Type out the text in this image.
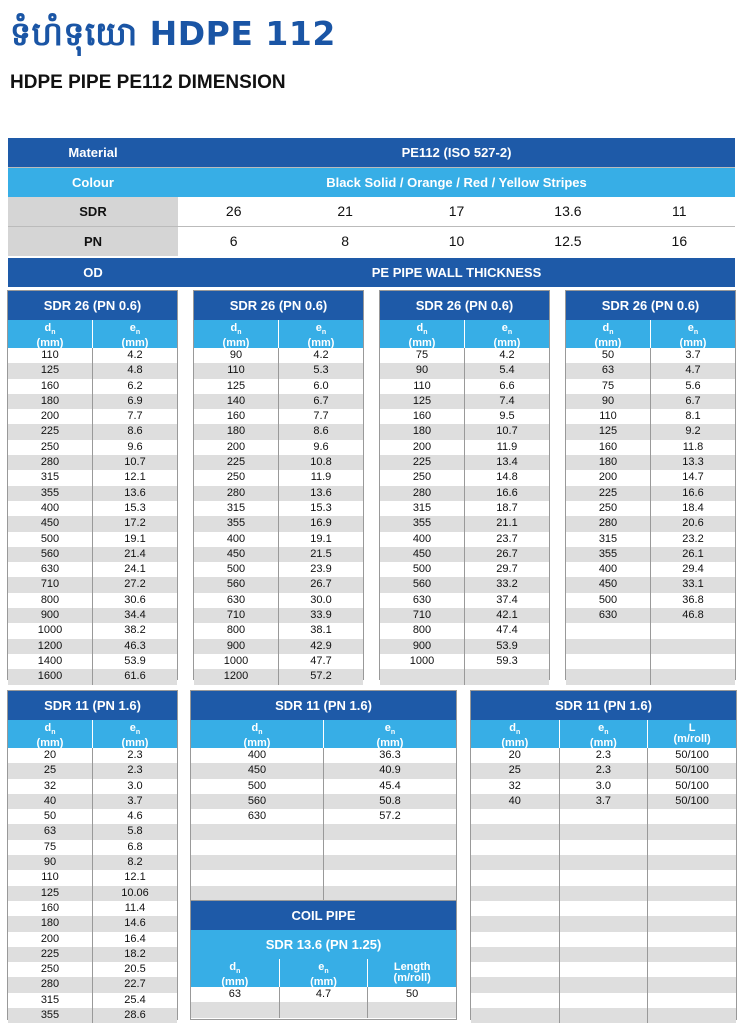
ទំហំទុយោ HDPE 112
HDPE PIPE PE112 DIMENSION
Material	PE112 (ISO 527-2)
Colour	Black Solid / Orange / Red / Yellow Stripes
SDR	26	21	17	13.6	11
PN	6	8	10	12.5	16
OD	PE PIPE WALL THICKNESS
SDR 26 (PN 0.6)
$d_n$
(mm)
$e_n$
(mm)
110	4.2
125	4.8
160	6.2
180	6.9
200	7.7
225	8.6
250	9.6
280	10.7
315	12.1
355	13.6
400	15.3
450	17.2
500	19.1
560	21.4
630	24.1
710	27.2
800	30.6
900	34.4
1000	38.2
1200	46.3
1400	53.9
1600	61.6
SDR 26 (PN 0.6)
$d_n$
(mm)
$e_n$
(mm)
90	4.2
110	5.3
125	6.0
140	6.7
160	7.7
180	8.6
200	9.6
225	10.8
250	11.9
280	13.6
315	15.3
355	16.9
400	19.1
450	21.5
500	23.9
560	26.7
630	30.0
710	33.9
800	38.1
900	42.9
1000	47.7
1200	57.2
SDR 26 (PN 0.6)
$d_n$
(mm)
$e_n$
(mm)
75	4.2
90	5.4
110	6.6
125	7.4
160	9.5
180	10.7
200	11.9
225	13.4
250	14.8
280	16.6
315	18.7
355	21.1
400	23.7
450	26.7
500	29.7
560	33.2
630	37.4
710	42.1
800	47.4
900	53.9
1000	59.3
SDR 26 (PN 0.6)
$d_n$
(mm)
$e_n$
(mm)
50	3.7
63	4.7
75	5.6
90	6.7
110	8.1
125	9.2
160	11.8
180	13.3
200	14.7
225	16.6
250	18.4
280	20.6
315	23.2
355	26.1
400	29.4
450	33.1
500	36.8
630	46.8
SDR 11 (PN 1.6)
$d_n$
(mm)
$e_n$
(mm)
20	2.3
25	2.3
32	3.0
40	3.7
50	4.6
63	5.8
75	6.8
90	8.2
110	12.1
125	10.06
160	11.4
180	14.6
200	16.4
225	18.2
250	20.5
280	22.7
315	25.4
355	28.6
SDR 11 (PN 1.6)
$d_n$
(mm)
$e_n$
(mm)
400	36.3
450	40.9
500	45.4
560	50.8
630	57.2
COIL PIPE
SDR 13.6 (PN 1.25)
$d_n$
(mm)
$e_n$
(mm)
Length
(m/roll)
63	4.7	50
SDR 11 (PN 1.6)
$d_n$
(mm)
$e_n$
(mm)
L
(m/roll)
20	2.3	50/100
25	2.3	50/100
32	3.0	50/100
40	3.7	50/100
